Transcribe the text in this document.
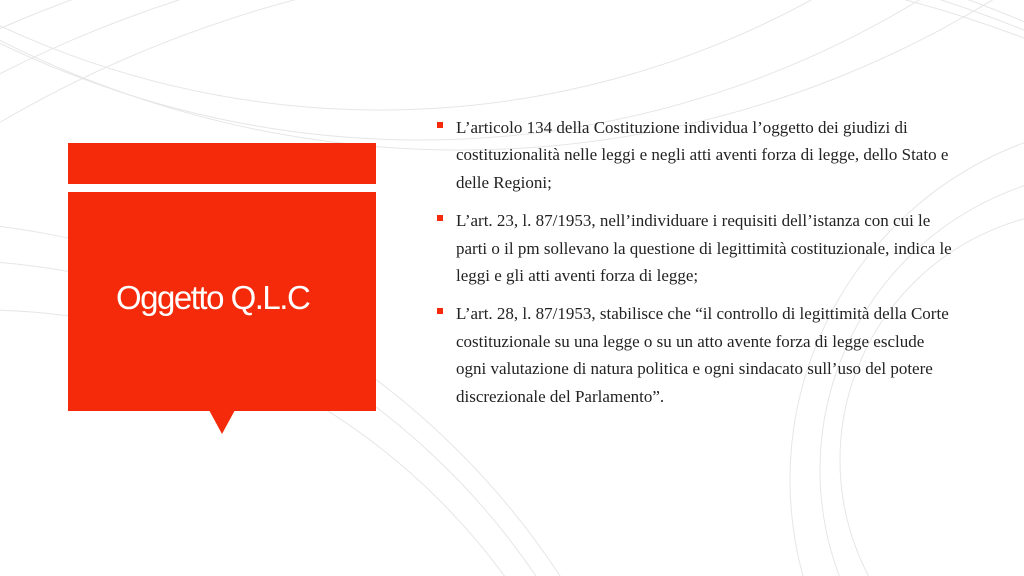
Oggetto Q.L.C
L’articolo 134 della Costituzione individua l’oggetto dei giudizi di costituzionalità nelle leggi e negli atti aventi forza di legge, dello Stato e delle Regioni;
L’art. 23, l. 87/1953, nell’individuare i requisiti dell’istanza con cui le parti o il pm sollevano la questione di legittimità costituzionale, indica le leggi e gli atti aventi forza di legge;
L’art. 28, l. 87/1953, stabilisce che “il controllo di legittimità della Corte costituzionale su una legge o su un atto avente forza di legge esclude ogni valutazione di natura politica e ogni sindacato sull’uso del potere discrezionale del Parlamento”.
